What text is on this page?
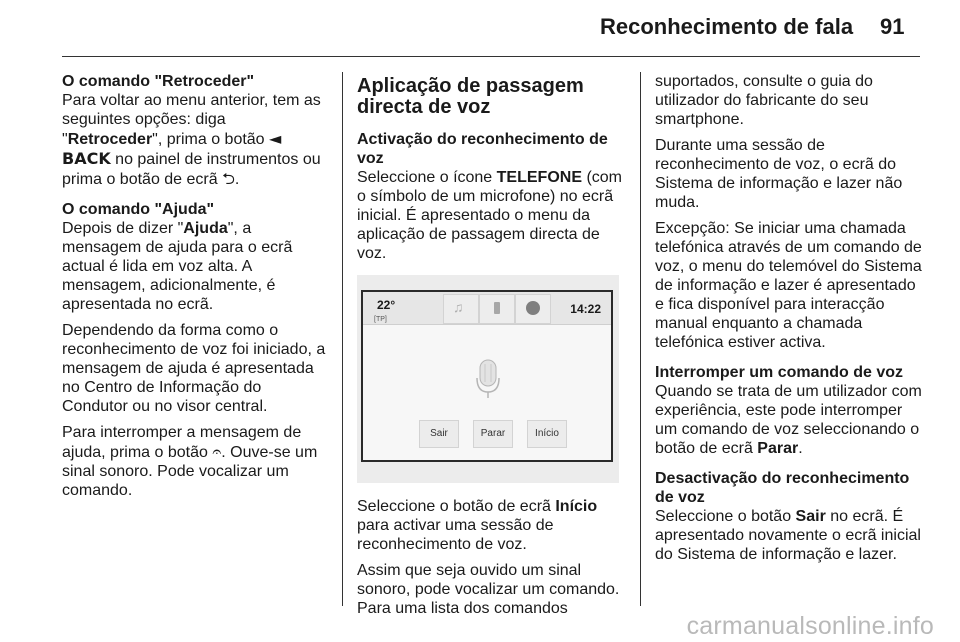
Reconhecimento de fala 91
O comando "Retroceder"

Para voltar ao menu anterior, tem as seguintes opções: diga "Retroceder", prima o botão ◄ BACK no painel de instrumentos ou prima o botão de ecrã ⮌.

O comando "Ajuda"

Depois de dizer "Ajuda", a mensagem de ajuda para o ecrã actual é lida em voz alta. A mensagem, adicionalmente, é apresentada no ecrã.

Dependendo da forma como o reconhecimento de voz foi iniciado, a mensagem de ajuda é apresentada no Centro de Informação do Condutor ou no visor central.

Para interromper a mensagem de ajuda, prima o botão 𝄐. Ouve-se um sinal sonoro. Pode vocalizar um comando.

Aplicação de passagem directa de voz
Activação do reconhecimento de voz

Seleccione o ícone TELEFONE (com o símbolo de um microfone) no ecrã inicial. É apresentado o menu da aplicação de passagem directa de voz.

22°
[TP]
♫	14:22
Sair	Parar	Início

Seleccione o botão de ecrã Início para activar uma sessão de reconhecimento de voz.

Assim que seja ouvido um sinal sonoro, pode vocalizar um comando. Para uma lista dos comandos

suportados, consulte o guia do utilizador do fabricante do seu smartphone.

Durante uma sessão de reconhecimento de voz, o ecrã do Sistema de informação e lazer não muda.

Excepção: Se iniciar uma chamada telefónica através de um comando de voz, o menu do telemóvel do Sistema de informação e lazer é apresentado e fica disponível para interacção manual enquanto a chamada telefónica estiver activa.

Interromper um comando de voz

Quando se trata de um utilizador com experiência, este pode interromper um comando de voz seleccionando o botão de ecrã Parar.

Desactivação do reconhecimento de voz

Seleccione o botão Sair no ecrã. É apresentado novamente o ecrã inicial do Sistema de informação e lazer.

carmanualsonline.info
